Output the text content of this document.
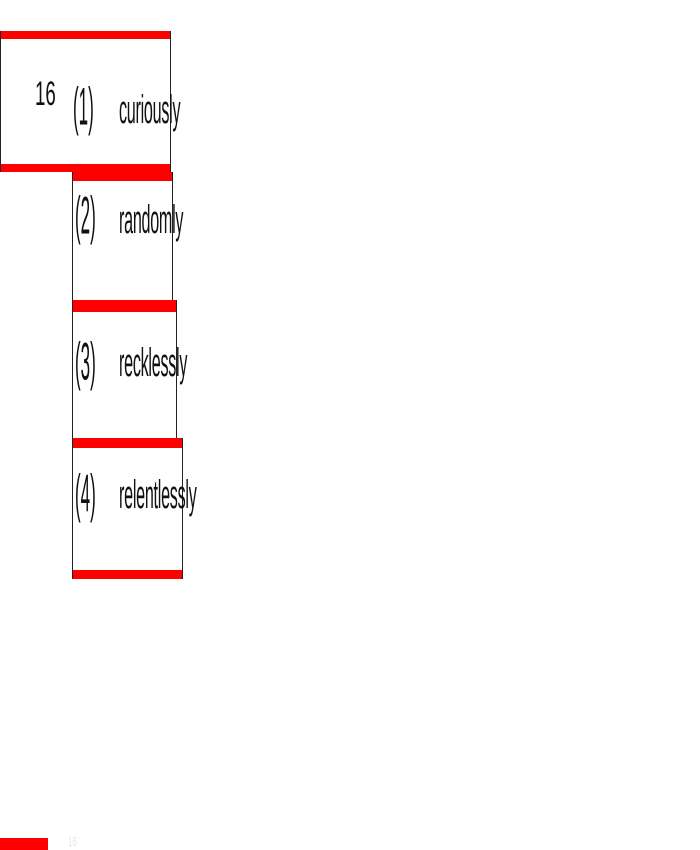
16 (1) curiously
(2) randomly
(3) recklessly
(4) relentlessly
16
